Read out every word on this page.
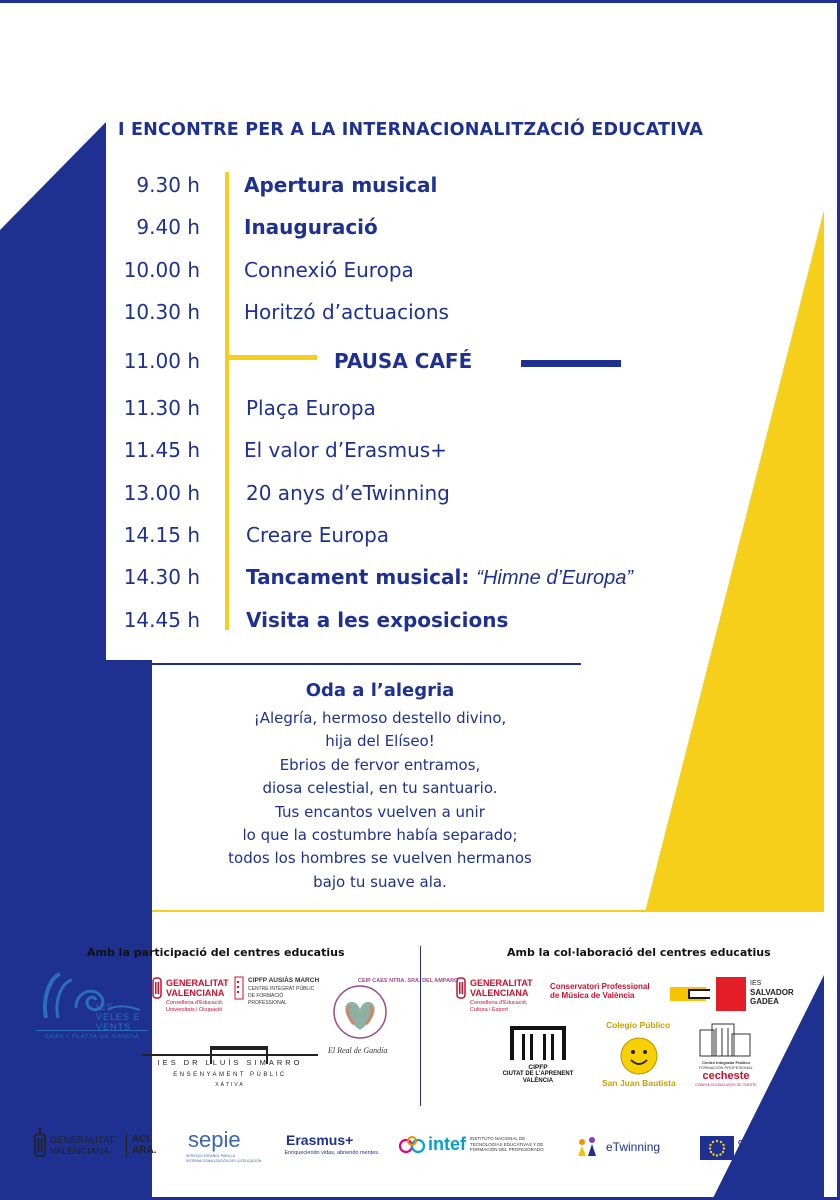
I ENCONTRE PER A LA INTERNACIONALITZACIÓ EDUCATIVA
9.30 h Apertura musical
9.40 h Inauguració
10.00 h Connexió Europa
10.30 h Horitzó d’actuacions
11.00 h	PAUSA CAFÉ
11.30 h Plaça Europa
11.45 h El valor d’Erasmus+
13.00 h 20 anys d’eTwinning
14.15 h Creare Europa
14.30 h Tancament musical: “Himne d’Europa”
14.45 h Visita a les exposicions
Oda a l’alegria
¡Alegría, hermoso destello divino,
hija del Elíseo!
Ebrios de fervor entramos,
diosa celestial, en tu santuario.
Tus encantos vuelven a unir
lo que la costumbre había separado;
todos los hombres se vuelven hermanos
bajo tu suave ala.
Amb la participació del centres educatius	Amb la col·laboració del centres educatius
IES VELES E VENTS
GRAU I PLATJA DE GANDIA
GENERALITAT VALENCIANA
Conselleria d'Educació, Universitats i Ocupació
CIPFP AUSIÀS MARCH
CENTRE INTEGRAT PÚBLIC DE FORMACIÓ PROFESSIONAL
CEIP CAES NTRA. SRA. DEL AMPARO
El Real de Gandía
IES DR LLUÍS SIMARRO
ENSENYAMENT PÚBLIC
XÀTIVA
GENERALITAT VALENCIANA
Conselleria d'Educació, Cultura i Esport
Conservatori Professional
de Música de València
IES
SALVADOR
GADEA
CIPFP
CIUTAT DE L'APRENENT
VALÈNCIA
Colegio Público
San Juan Bautista
Centro Integrado Público
FORMACIÓN PROFESIONAL
cecheste
COMPLEJO EDUCATIVO DE CHESTE
GENERALITAT
VALENCIANA
ACI.
ARA. sepie
SERVICIO ESPAÑOL PARA LA INTERNACIONALIZACIÓN DE LA EDUCACIÓN
Erasmus+
Enriqueciendo vidas, abriendo mentes.	intef INSTITUTO NACIONAL DE
TECNOLOGÍAS EDUCATIVAS Y DE
FORMACIÓN DEL PROFESORADO	eTwinning	Cofinanciado por
la Unión Europea
